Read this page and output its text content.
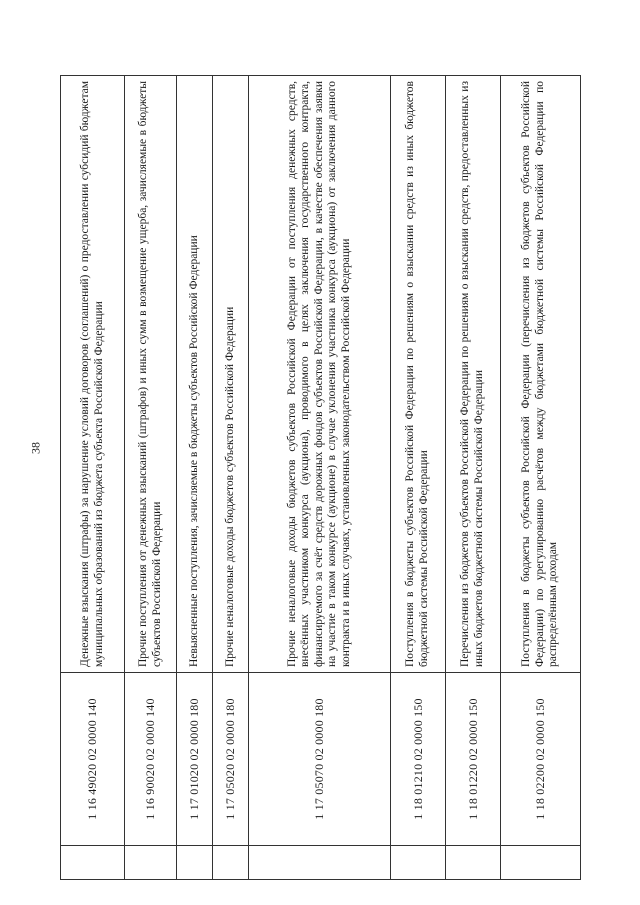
38
	1 16 49020 02 0000 140	Денежные взыскания (штрафы) за нарушение условий договоров (соглашений) о предоставлении субсидий бюджетам муниципальных образований из бюджета субъекта Российской Федерации
	1 16 90020 02 0000 140	Прочие поступления от денежных взысканий (штрафов) и иных сумм в возмещение ущерба, зачисляемые в бюджеты субъектов Российской Федерации
	1 17 01020 02 0000 180	Невыясненные поступления, зачисляемые в бюджеты субъектов Российской Федерации
	1 17 05020 02 0000 180	Прочие неналоговые доходы бюджетов субъектов Российской Федерации
	1 17 05070 02 0000 180	Прочие неналоговые доходы бюджетов субъектов Российской Федерации от поступления денежных средств, внесённых участником конкурса (аукциона), проводимого в целях заключения государственного контракта, финансируемого за счёт средств дорожных фондов субъектов Российской Федерации, в качестве обеспечения заявки на участие в таком конкурсе (аукционе) в случае уклонения участника конкурса (аукциона) от заключения данного контракта и в иных случаях, установленных законодательством Российской Федерации
	1 18 01210 02 0000 150	Поступления в бюджеты субъектов Российской Федерации по решениям о взыскании средств из иных бюджетов бюджетной системы Российской Федерации
	1 18 01220 02 0000 150	Перечисления из бюджетов субъектов Российской Федерации по решениям о взыскании средств, предоставленных из иных бюджетов бюджетной системы Российской Федерации
	1 18 02200 02 0000 150	Поступления в бюджеты субъектов Российской Федерации (перечисления из бюджетов субъектов Российской Федерации) по урегулированию расчётов между бюджетами бюджетной системы Российской Федерации по распределённым доходам
